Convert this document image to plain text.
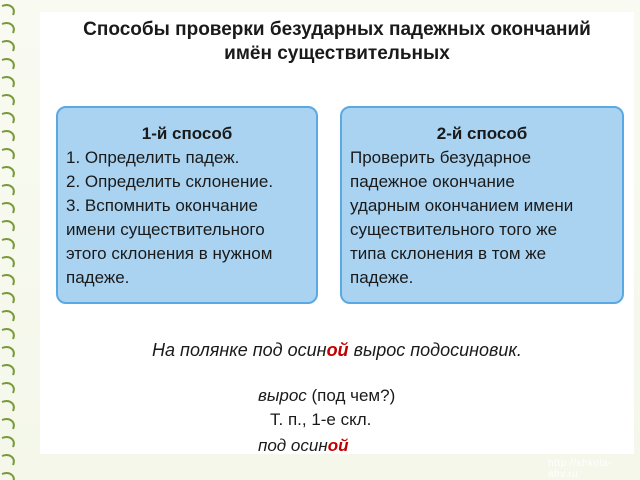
Способы проверки безударных падежных окончаний
имён существительных

1-й способ

1. Определить падеж.

2. Определить склонение.

3. Вспомнить окончание

имени существительного

этого склонения в нужном

падеже.

2-й способ

Проверить безударное

падежное окончание

ударным окончанием имени

существительного того же

типа склонения в том же

падеже.

На полянке под осиной вырос подосиновик.
вырос (под чем?)
Т. п., 1-е скл.
под осиной
http://shkola-abv.ru
